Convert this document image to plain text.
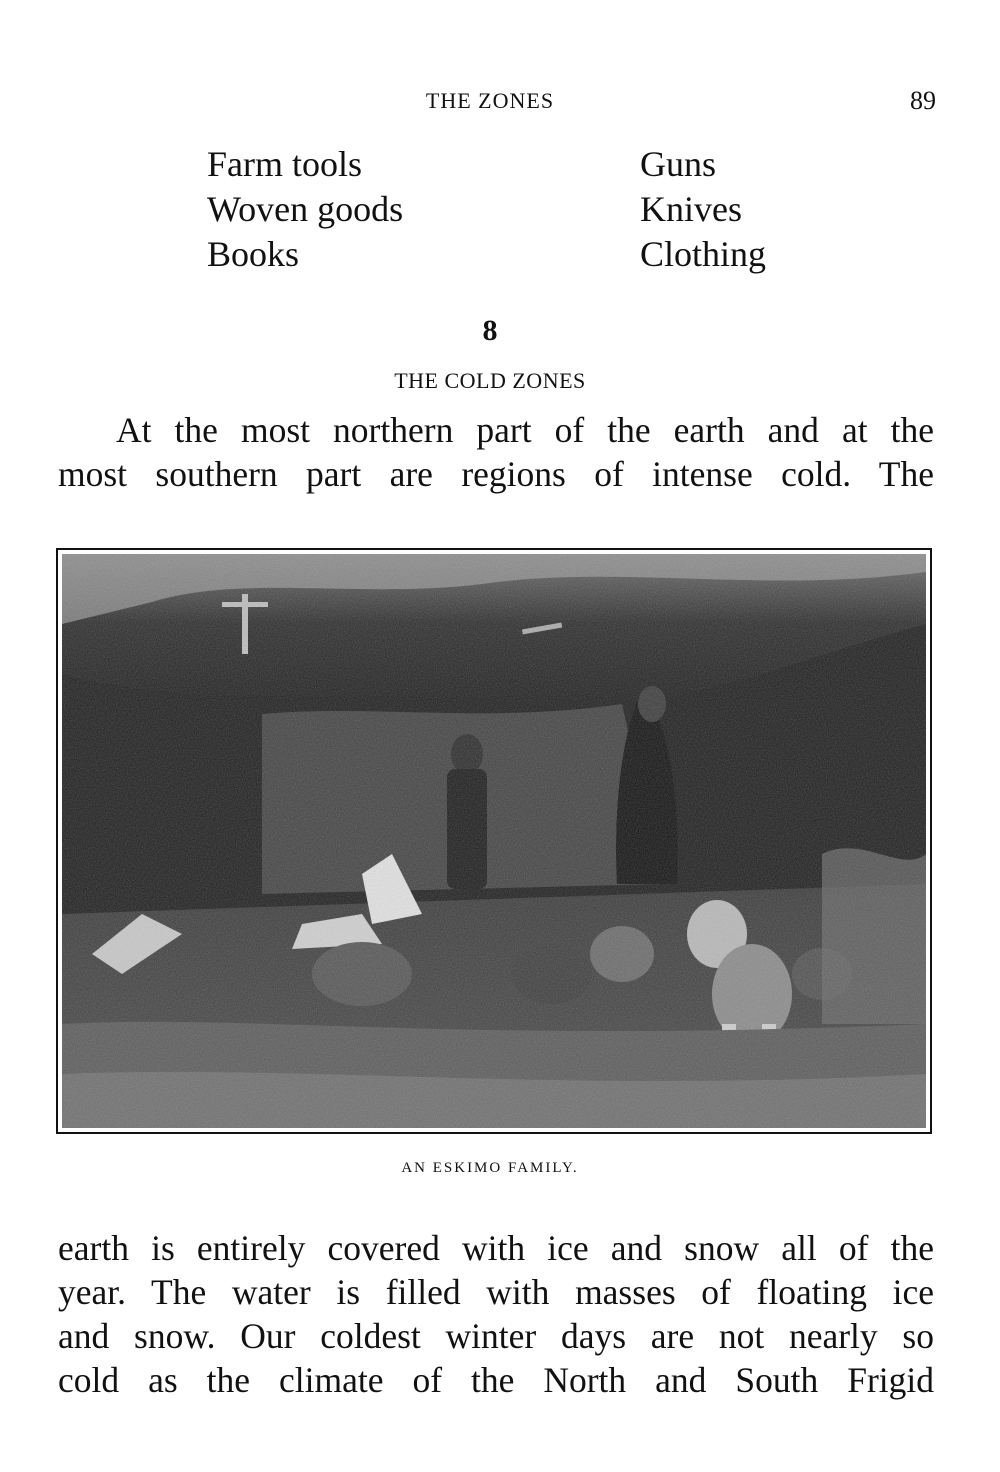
THE ZONES	89
Farm tools
Woven goods
Books
Guns
Knives
Clothing
8
THE COLD ZONES
At the most northern part of the earth and at the
most southern part are regions of intense cold. The
AN ESKIMO FAMILY.
earth is entirely covered with ice and snow all of the
year. The water is filled with masses of floating ice
and snow. Our coldest winter days are not nearly so
cold as the climate of the North and South Frigid
